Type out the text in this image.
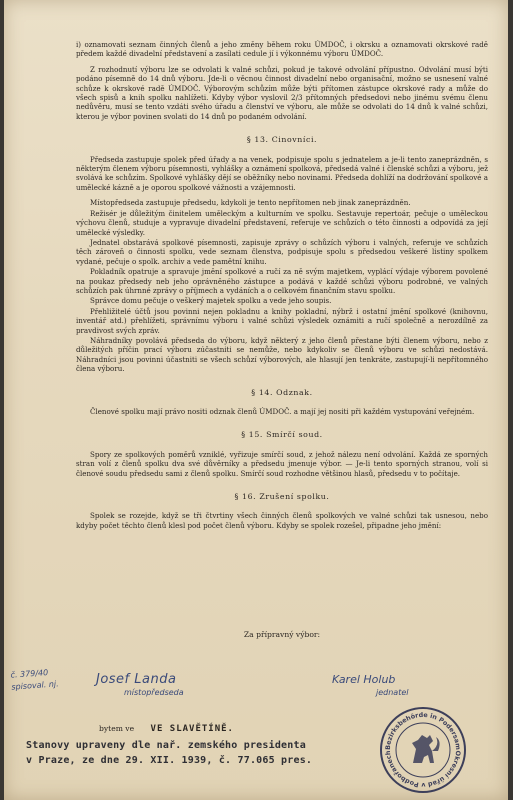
i) oznamovati seznam činných členů a jeho změny během roku ÚMDOČ, i okrsku a oznamovati okrskové radě předem každé divadelní představení a zasílati cedule jí i výkonnému výboru ÚMDOČ.

Z rozhodnutí výboru lze se odvolati k valné schůzi, pokud je takové odvolání přípustno. Odvolání musí býti podáno písemně do 14 dnů výboru. Jde-li o věcnou činnost divadelní nebo organisační, možno se usnesení valné schůze k okrskové radě ÚMDOČ. Výborovým schůzím může býti přítomen zástupce okrskové rady a může do všech spisů a knih spolku nahlížeti. Kdyby výbor vyslovil 2/3 přítomných předsedovi nebo jinému svému členu nedůvěru, musí se tento vzdáti svého úřadu a členství ve výboru, ale může se odvolati do 14 dnů k valné schůzi, kterou je výbor povinen svolati do 14 dnů po podaném odvolání.

§ 13. Cinovníci.

Předseda zastupuje spolek před úřady a na venek, podpisuje spolu s jednatelem a je-li tento zaneprázdněn, s některým členem výboru písemnosti, vyhlášky a oznámení spolková, předsedá valné i členské schůzi a výboru, jež svolává ke schůzím. Spolkové vyhlášky dějí se oběžníky nebo novinami. Předseda dohlíží na dodržování spolkové a umělecké kázně a je oporou spolkové vážnosti a vzájemnosti.

Místopředseda zastupuje předsedu, kdykoli je tento nepřítomen neb jinak zaneprázdněn.

Režisér je důležitým činitelem uměleckým a kulturním ve spolku. Sestavuje repertoár, pečuje o uměleckou výchovu členů, studuje a vypravuje divadelní představení, referuje ve schůzích o této činnosti a odpovídá za její umělecké výsledky.

Jednatel obstarává spolkové písemnosti, zapisuje zprávy o schůzích výboru i valných, referuje ve schůzích těch zároveň o činnosti spolku, vede seznam členstva, podpisuje spolu s předsedou veškeré listiny spolkem vydané, pečuje o spolk. archiv a vede pamětní knihu.

Pokladník opatruje a spravuje jmění spolkové a ručí za ně svým majetkem, vyplácí výdaje výborem povolené na poukaz předsedy neb jeho oprávněného zástupce a podává v každé schůzi výboru podrobné, ve valných schůzích pak úhrnné zprávy o příjmech a vydáních a o celkovém finančním stavu spolku.

Správce domu pečuje o veškerý majetek spolku a vede jeho soupis.

Přehližitelé účtů jsou povinni nejen pokladnu a knihy pokladní, nýbrž i ostatní jmění spolkové (knihovnu, inventář atd.) přehlížeti, správnímu výboru i valné schůzi výsledek oznámiti a ručí společně a nerozdílně za pravdivost svých zpráv.

Náhradníky povolává předseda do výboru, když některý z jeho členů přestane býti členem výboru, nebo z důležitých příčin prací výboru zúčastniti se nemůže, nebo kdykoliv se členů výboru ve schůzi nedostává. Náhradníci jsou povinni účastniti se všech schůzí výborových, ale hlasují jen tenkráte, zastupují-li nepřítomného člena výboru.

§ 14. Odznak.

Členové spolku mají právo nositi odznak členů ÚMDOČ. a mají jej nositi při každém vystupování veřejném.

§ 15. Smírčí soud.

Spory ze spolkových poměrů vzniklé, vyřizuje smírčí soud, z jehož nálezu není odvolání. Každá ze sporných stran volí z členů spolku dva své důvěrníky a předsedu jmenuje výbor. — Je-li tento sporných stranou, volí si členové soudu předsedu sami z členů spolku. Smírčí soud rozhodne většinou hlasů, předsedu v to počítaje.

§ 16. Zrušení spolku.

Spolek se rozejde, když se tři čtvrtiny všech činných členů spolkových ve valné schůzi tak usnesou, nebo kdyby počet těchto členů klesl pod počet členů výboru. Kdyby se spolek rozešel, připadne jeho jmění:

Za přípravný výbor:
č. 379/40
spisoval. nj.	Josef Landa
místopředseda
Karel Holub
jednatel
bytem ve VE SLAVĚTÍNĚ.
Stanovy upraveny dle nař. zemského presidenta
v Praze, ze dne 29. XII. 1939, č. 77.065 pres.
Bezirksbehörde in Podersam
Okresní úřad v Podbořanech
